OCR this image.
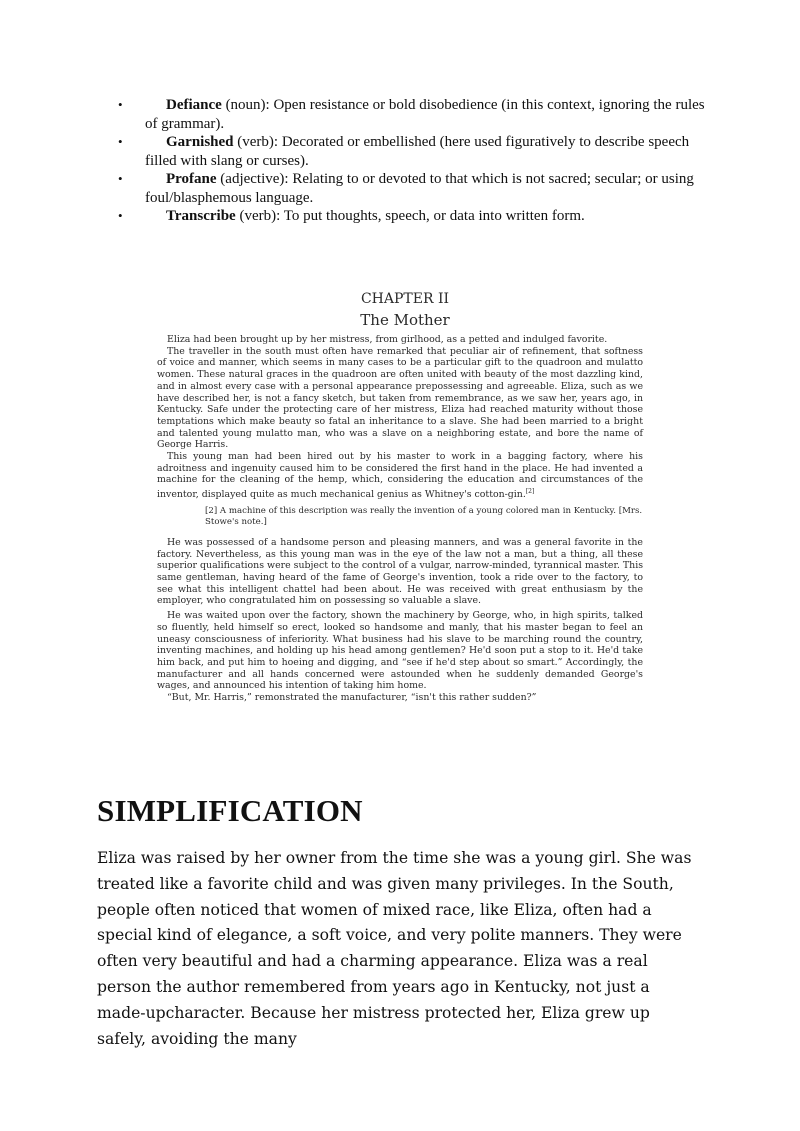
•	Defiance (noun): Open resistance or bold disobedience (in this context, ignoring the rules of grammar).
•	Garnished (verb): Decorated or embellished (here used figuratively to describe speech filled with slang or curses).
•	Profane (adjective): Relating to or devoted to that which is not sacred; secular; or using foul/blasphemous language.
•	Transcribe (verb): To put thoughts, speech, or data into written form.

CHAPTER II

The Mother

Eliza had been brought up by her mistress, from girlhood, as a petted and indulged favorite.

The traveller in the south must often have remarked that peculiar air of refinement, that softness of voice and manner, which seems in many cases to be a particular gift to the quadroon and mulatto women. These natural graces in the quadroon are often united with beauty of the most dazzling kind, and in almost every case with a personal appearance prepossessing and agreeable. Eliza, such as we have described her, is not a fancy sketch, but taken from remembrance, as we saw her, years ago, in Kentucky. Safe under the protecting care of her mistress, Eliza had reached maturity without those temptations which make beauty so fatal an inheritance to a slave. She had been married to a bright and talented young mulatto man, who was a slave on a neighboring estate, and bore the name of George Harris.

This young man had been hired out by his master to work in a bagging factory, where his adroitness and ingenuity caused him to be considered the first hand in the place. He had invented a machine for the cleaning of the hemp, which, considering the education and circumstances of the inventor, displayed quite as much mechanical genius as Whitney's cotton-gin.[2]

[2] A machine of this description was really the invention of a young colored man in Kentucky. [Mrs. Stowe's note.]

He was possessed of a handsome person and pleasing manners, and was a general favorite in the factory. Nevertheless, as this young man was in the eye of the law not a man, but a thing, all these superior qualifications were subject to the control of a vulgar, narrow-minded, tyrannical master. This same gentleman, having heard of the fame of George's invention, took a ride over to the factory, to see what this intelligent chattel had been about. He was received with great enthusiasm by the employer, who congratulated him on possessing so valuable a slave.

He was waited upon over the factory, shown the machinery by George, who, in high spirits, talked so fluently, held himself so erect, looked so handsome and manly, that his master began to feel an uneasy consciousness of inferiority. What business had his slave to be marching round the country, inventing machines, and holding up his head among gentlemen? He'd soon put a stop to it. He'd take him back, and put him to hoeing and digging, and “see if he'd step about so smart.” Accordingly, the manufacturer and all hands concerned were astounded when he suddenly demanded George's wages, and announced his intention of taking him home.

“But, Mr. Harris,” remonstrated the manufacturer, “isn't this rather sudden?”

SIMPLIFICATION

Eliza was raised by her owner from the time she was a young girl. She was treated like a favorite child and was given many privileges. In the South, people often noticed that women of mixed race, like Eliza, often had a special kind of elegance, a soft voice, and very polite manners. They were often very beautiful and had a charming appearance. Eliza was a real person the author remembered from years ago in Kentucky, not just a made-upcharacter. Because her mistress protected her, Eliza grew up safely, avoiding the many
